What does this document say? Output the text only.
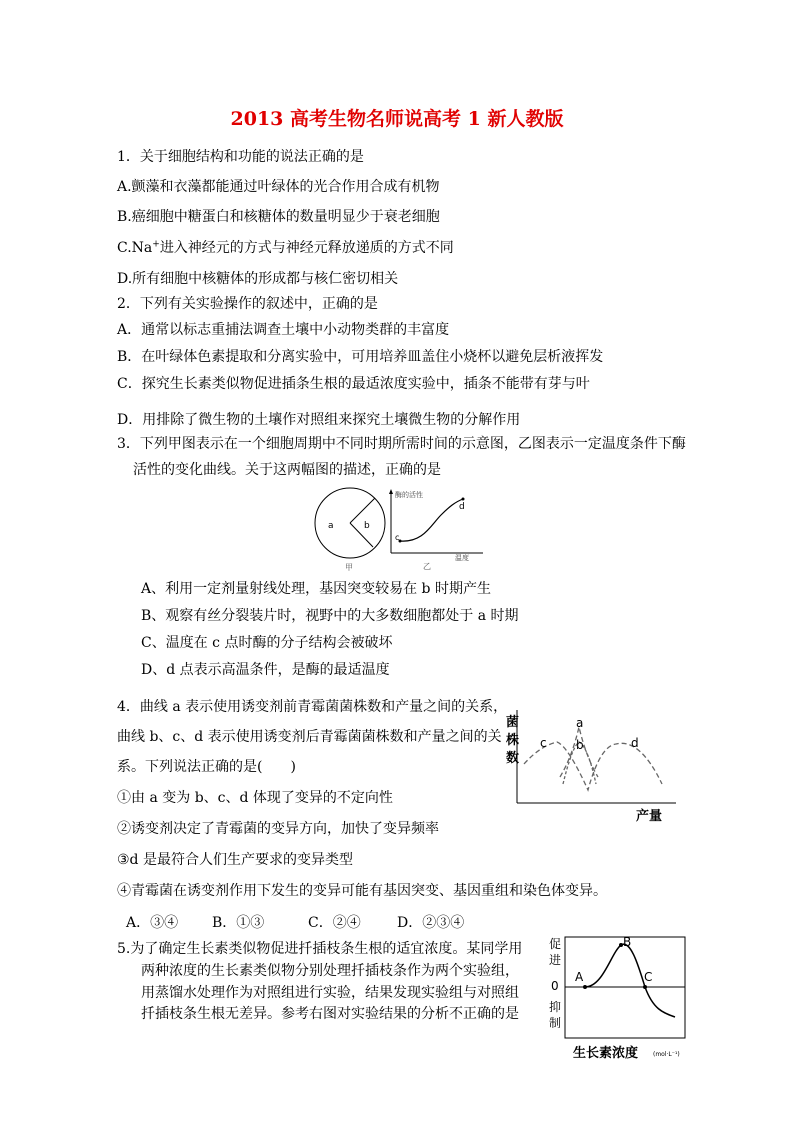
2013 高考生物名师说高考 1 新人教版
1．关于细胞结构和功能的说法正确的是
A.颤藻和衣藻都能通过叶绿体的光合作用合成有机物
B.癌细胞中糖蛋白和核糖体的数量明显少于衰老细胞
C.Na+进入神经元的方式与神经元释放递质的方式不同
D.所有细胞中核糖体的形成都与核仁密切相关
2．下列有关实验操作的叙述中，正确的是
A．通常以标志重捕法调查土壤中小动物类群的丰富度
B．在叶绿体色素提取和分离实验中，可用培养皿盖住小烧杯以避免层析液挥发
C．探究生长素类似物促进插条生根的最适浓度实验中，插条不能带有芽与叶
D．用排除了微生物的土壤作对照组来探究土壤微生物的分解作用
3．下列甲图表示在一个细胞周期中不同时期所需时间的示意图，乙图表示一定温度条件下酶
活性的变化曲线。关于这两幅图的描述，正确的是
a	b
甲
酶的活性
c
d
温度
乙
A、利用一定剂量射线处理，基因突变较易在 b 时期产生
B、观察有丝分裂装片时，视野中的大多数细胞都处于 a 时期
C、温度在 c 点时酶的分子结构会被破坏
D、d 点表示高温条件，是酶的最适温度
4．曲线 a 表示使用诱变剂前青霉菌菌株数和产量之间的关系，
曲线 b、c、d 表示使用诱变剂后青霉菌菌株数和产量之间的关
系。下列说法正确的是(　　)
①由 a 变为 b、c、d 体现了变异的不定向性
②诱变剂决定了青霉菌的变异方向，加快了变异频率
③d 是最符合人们生产要求的变异类型
④青霉菌在诱变剂作用下发生的变异可能有基因突变、基因重组和染色体变异。
A．③④ B．①③	C．②④	D．②③④
菌
株
数
a
b
c	d
产量
5.为了确定生长素类似物促进扦插枝条生根的适宜浓度。某同学用
两种浓度的生长素类似物分别处理扦插枝条作为两个实验组，
用蒸馏水处理作为对照组进行实验，结果发现实验组与对照组
扦插枝条生根无差异。参考右图对实验结果的分析不正确的是
促
进
0
抑
制
A
B
C
生长素浓度 (mol·L⁻¹)
